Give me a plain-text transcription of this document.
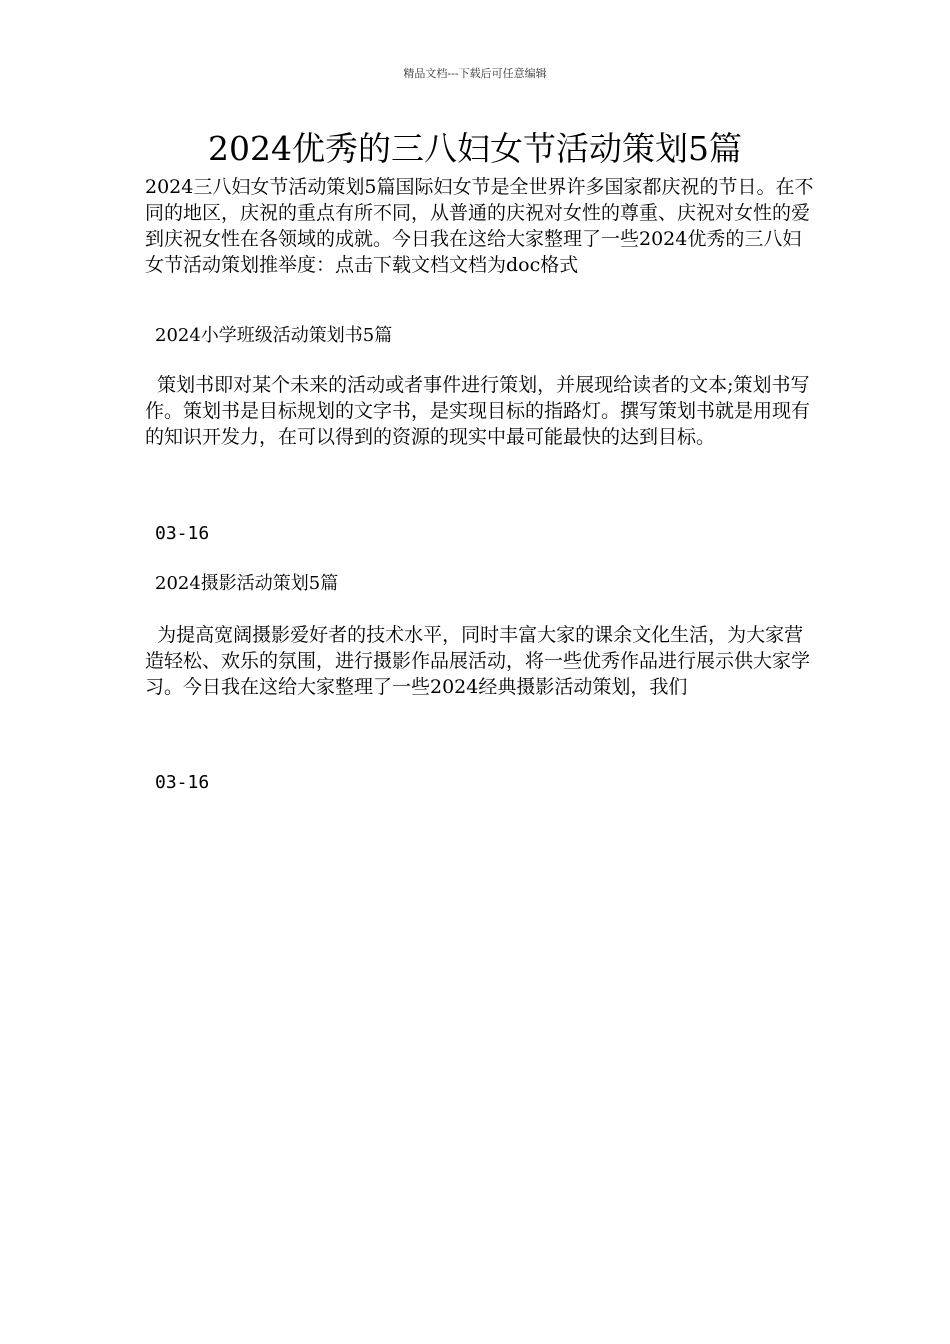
精品文档---下载后可任意编辑
2024优秀的三八妇女节活动策划5篇

2024三八妇女节活动策划5篇国际妇女节是全世界许多国家都庆祝的节日。在不同的地区，庆祝的重点有所不同，从普通的庆祝对女性的尊重、庆祝对女性的爱到庆祝女性在各领域的成就。今日我在这给大家整理了一些2024优秀的三八妇女节活动策划推举度：点击下载文档文档为doc格式

2024小学班级活动策划书5篇

策划书即对某个未来的活动或者事件进行策划，并展现给读者的文本;策划书写作。策划书是目标规划的文字书，是实现目标的指路灯。撰写策划书就是用现有的知识开发力，在可以得到的资源的现实中最可能最快的达到目标。

03-16

2024摄影活动策划5篇

为提高宽阔摄影爱好者的技术水平，同时丰富大家的课余文化生活，为大家营造轻松、欢乐的氛围，进行摄影作品展活动，将一些优秀作品进行展示供大家学习。今日我在这给大家整理了一些2024经典摄影活动策划，我们

03-16
